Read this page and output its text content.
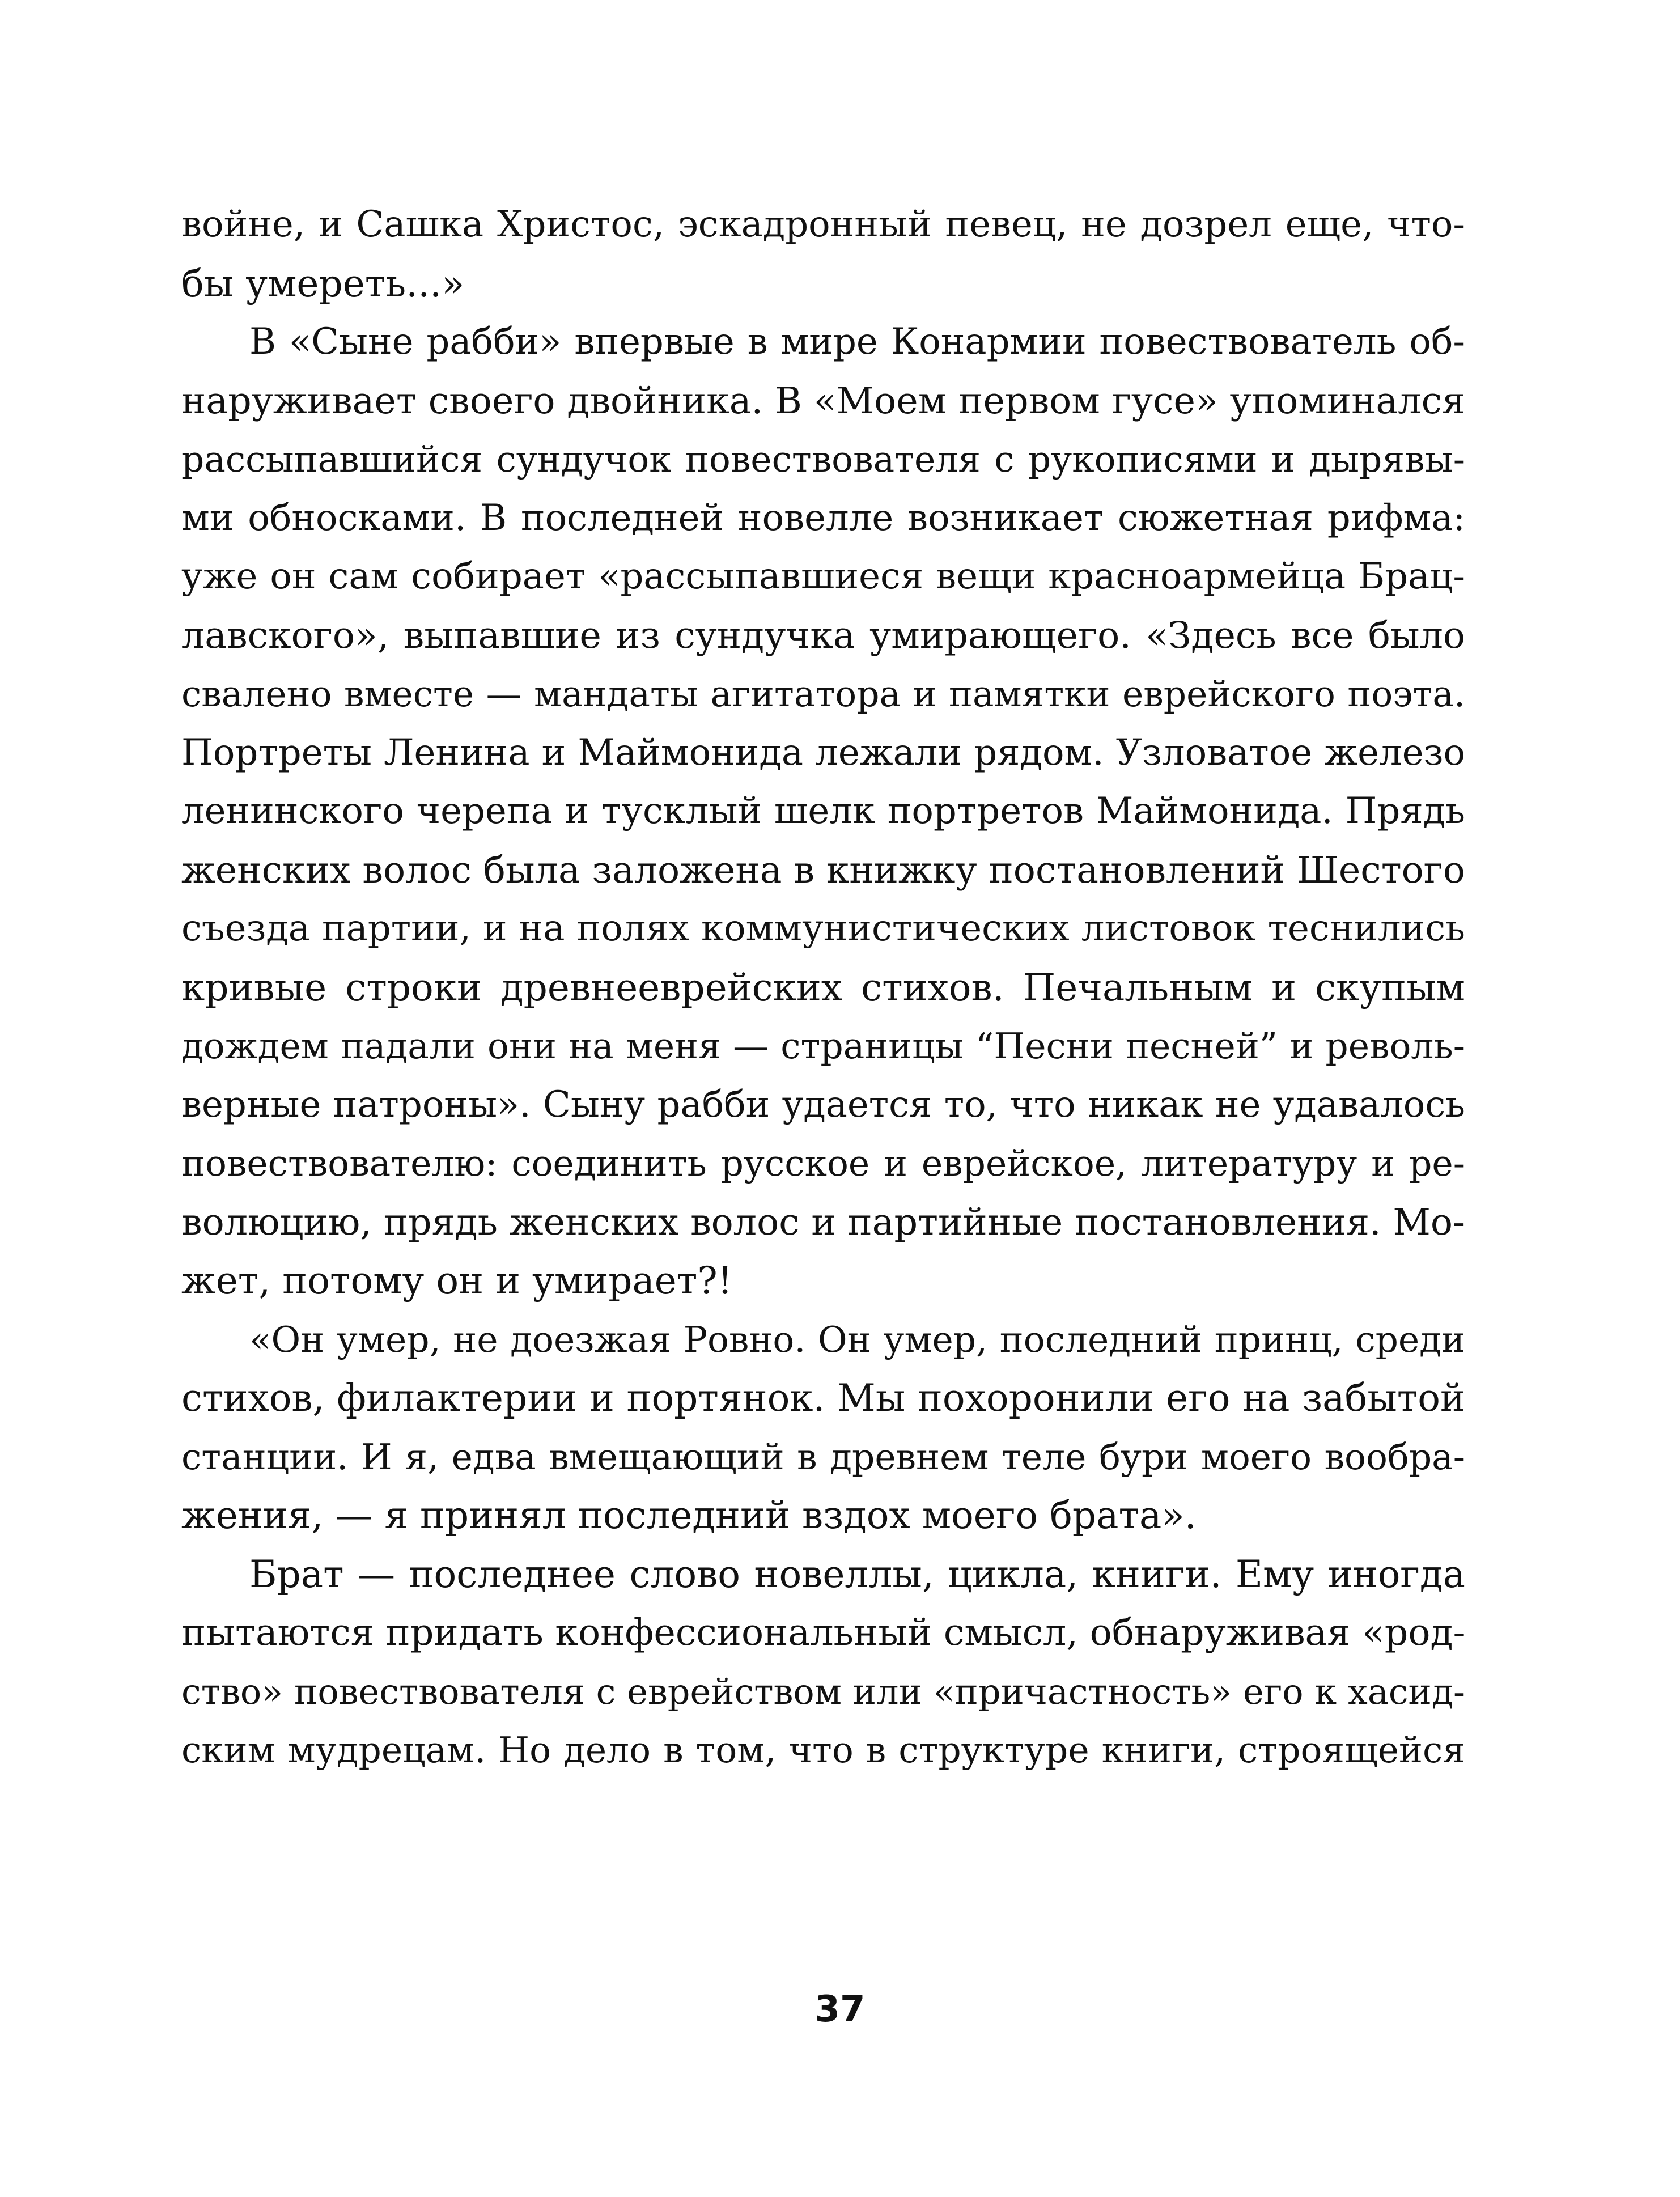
войне, и Сашка Христос, эскадронный певец, не дозрел еще, что-
бы умереть...»
В «Сыне рабби» впервые в мире Конармии повествователь об-
наруживает своего двойника. В «Моем первом гусе» упоминался
рассыпавшийся сундучок повествователя с рукописями и дырявы-
ми обносками. В последней новелле возникает сюжетная рифма:
уже он сам собирает «рассыпавшиеся вещи красноармейца Брац-
лавского», выпавшие из сундучка умирающего. «Здесь все было
свалено вместе — мандаты агитатора и памятки еврейского поэта.
Портреты Ленина и Маймонида лежали рядом. Узловатое железо
ленинского черепа и тусклый шелк портретов Маймонида. Прядь
женских волос была заложена в книжку постановлений Шестого
съезда партии, и на полях коммунистических листовок теснились
кривые строки древнееврейских стихов. Печальным и скупым
дождем падали они на меня — страницы “Песни песней” и револь-
верные патроны». Сыну рабби удается то, что никак не удавалось
повествователю: соединить русское и еврейское, литературу и ре-
волюцию, прядь женских волос и партийные постановления. Мо-
жет, потому он и умирает?!
«Он умер, не доезжая Ровно. Он умер, последний принц, среди
стихов, филактерии и портянок. Мы похоронили его на забытой
станции. И я, едва вмещающий в древнем теле бури моего вообра-
жения, — я принял последний вздох моего брата».
Брат — последнее слово новеллы, цикла, книги. Ему иногда
пытаются придать конфессиональный смысл, обнаруживая «род-
ство» повествователя с еврейством или «причастность» его к хасид-
ским мудрецам. Но дело в том, что в структуре книги, строящейся
37
